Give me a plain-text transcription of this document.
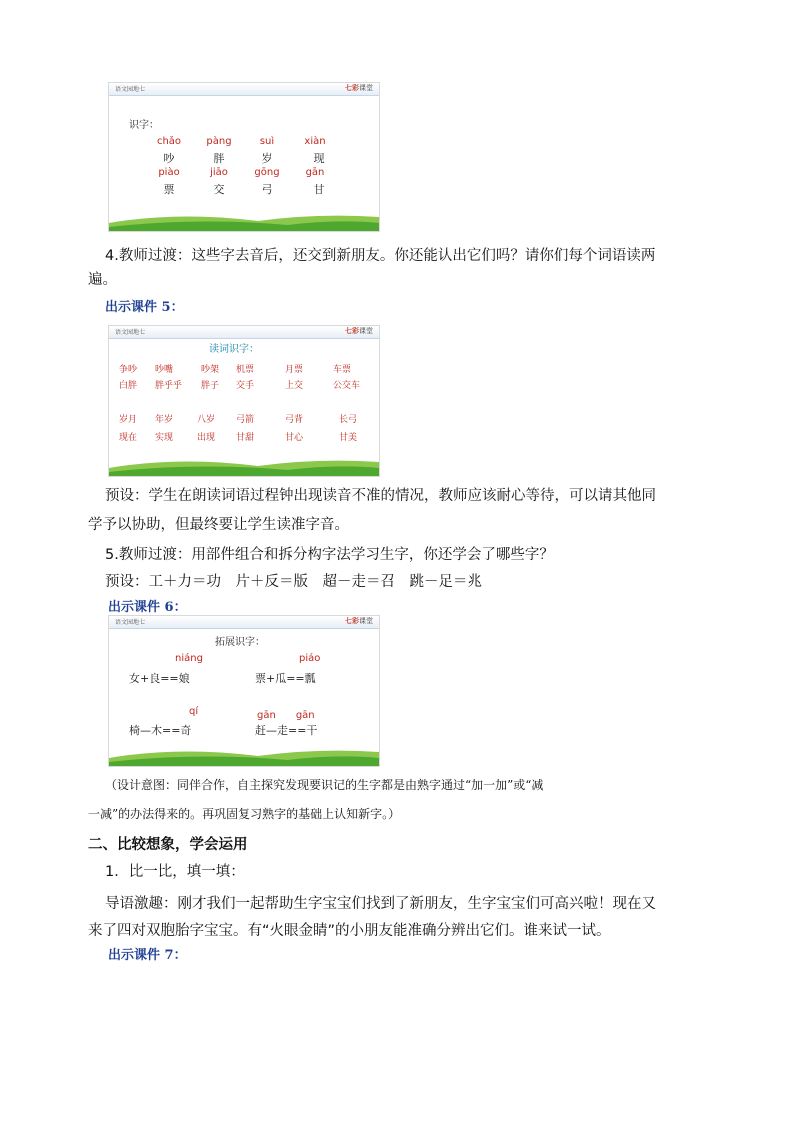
语文园地七	七彩课堂
识字：
chǎo	pàng	suì	xiàn
吵	胖	岁	现
piào	jiāo	gōng	gān
票	交	弓	甘
4.教师过渡：这些字去音后，还交到新朋友。你还能认出它们吗？请你们每个词语读两
遍。
出示课件 5：
语文园地七	七彩课堂
读词识字：
争吵 吵嘴	吵架 机票	月票	车票
白胖 胖乎乎 胖子 交手	上交	公交车
岁月 年岁	八岁 弓箭	弓背	长弓
现在 实现	出现 甘甜	甘心	甘美
预设：学生在朗读词语过程钟出现读音不准的情况，教师应该耐心等待，可以请其他同
学予以协助，但最终要让学生读准字音。
5.教师过渡：用部件组合和拆分构字法学习生字，你还学会了哪些字？
预设：工＋力＝功　片＋反＝版　超－走＝召　跳－足＝兆
出示课件 6：
语文园地七	七彩课堂
拓展识字：
niáng	piáo
女+良==娘	票+瓜==瓢
qí	gān　　gān
椅—木==奇	赶—走==干
（设计意图：同伴合作，自主探究发现要识记的生字都是由熟字通过“加一加”或“减
一减”的办法得来的。再巩固复习熟字的基础上认知新字。）
二、比较想象，学会运用
1．比一比，填一填：
导语激趣：刚才我们一起帮助生字宝宝们找到了新朋友，生字宝宝们可高兴啦！现在又
来了四对双胞胎字宝宝。有“火眼金睛”的小朋友能准确分辨出它们。谁来试一试。
出示课件 7：
